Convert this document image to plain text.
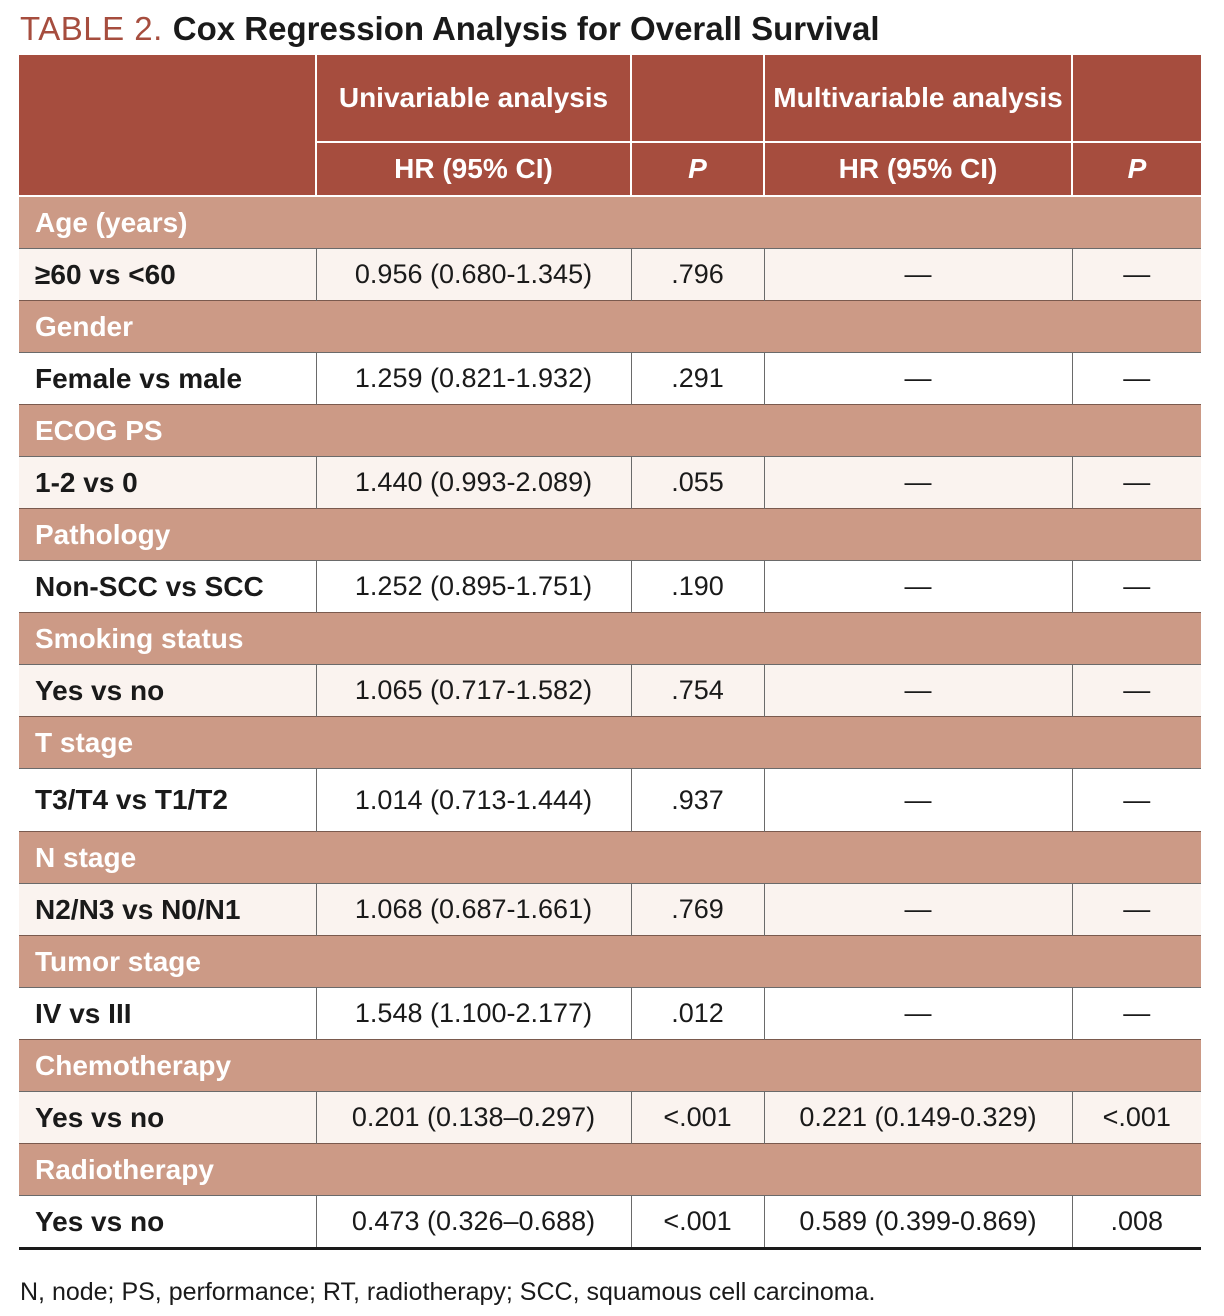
TABLE 2. Cox Regression Analysis for Overall Survival
	Univariable analysis		Multivariable analysis	
	HR (95% CI)	P	HR (95% CI)	P
Age (years)				
≥60 vs <60	0.956 (0.680-1.345)	.796	—	—
Gender				
Female vs male	1.259 (0.821-1.932)	.291	—	—
ECOG PS				
1-2 vs 0	1.440 (0.993-2.089)	.055	—	—
Pathology				
Non-SCC vs SCC	1.252 (0.895-1.751)	.190	—	—
Smoking status				
Yes vs no	1.065 (0.717-1.582)	.754	—	—
T stage				
T3/T4 vs T1/T2	1.014 (0.713-1.444)	.937	—	—
N stage				
N2/N3 vs N0/N1	1.068 (0.687-1.661)	.769	—	—
Tumor stage				
IV vs III	1.548 (1.100-2.177)	.012	—	—
Chemotherapy				
Yes vs no	0.201 (0.138–0.297)	<.001	0.221 (0.149-0.329)	<.001
Radiotherapy				
Yes vs no	0.473 (0.326–0.688)	<.001	0.589 (0.399-0.869)	.008
N, node; PS, performance; RT, radiotherapy; SCC, squamous cell carcinoma.
